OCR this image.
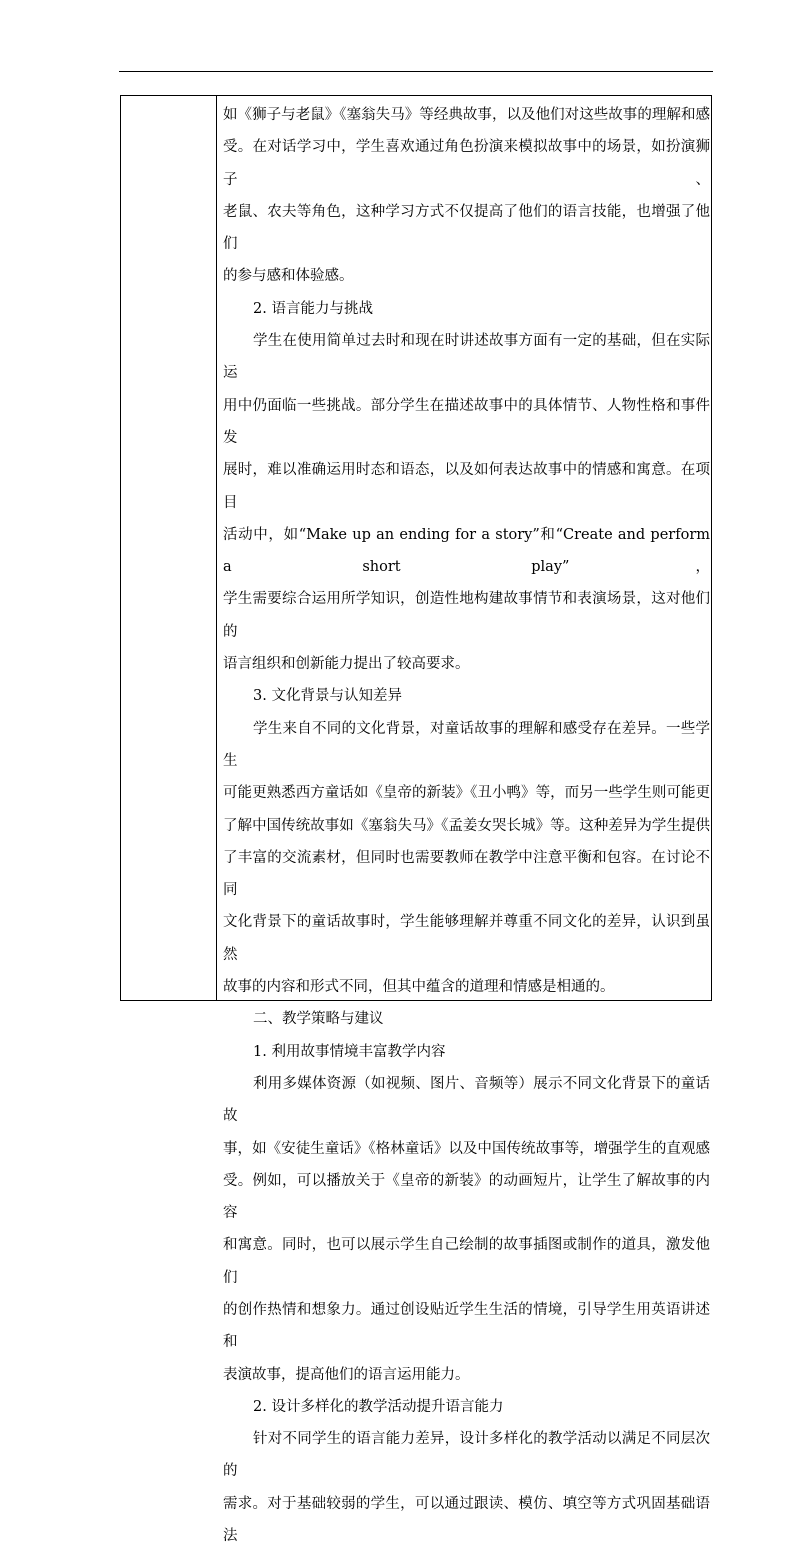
如《狮子与老鼠》《塞翁失马》等经典故事，以及他们对这些故事的理解和感

受。在对话学习中，学生喜欢通过角色扮演来模拟故事中的场景，如扮演狮子、

老鼠、农夫等角色，这种学习方式不仅提高了他们的语言技能，也增强了他们

的参与感和体验感。

2. 语言能力与挑战

学生在使用简单过去时和现在时讲述故事方面有一定的基础，但在实际运

用中仍面临一些挑战。部分学生在描述故事中的具体情节、人物性格和事件发

展时，难以准确运用时态和语态，以及如何表达故事中的情感和寓意。在项目

活动中，如“Make up an ending for a story”和“Create and perform a short play”，

学生需要综合运用所学知识，创造性地构建故事情节和表演场景，这对他们的

语言组织和创新能力提出了较高要求。

3. 文化背景与认知差异

学生来自不同的文化背景，对童话故事的理解和感受存在差异。一些学生

可能更熟悉西方童话如《皇帝的新装》《丑小鸭》等，而另一些学生则可能更

了解中国传统故事如《塞翁失马》《孟姜女哭长城》等。这种差异为学生提供

了丰富的交流素材，但同时也需要教师在教学中注意平衡和包容。在讨论不同

文化背景下的童话故事时，学生能够理解并尊重不同文化的差异，认识到虽然

故事的内容和形式不同，但其中蕴含的道理和情感是相通的。

二、教学策略与建议

1. 利用故事情境丰富教学内容

利用多媒体资源（如视频、图片、音频等）展示不同文化背景下的童话故

事，如《安徒生童话》《格林童话》以及中国传统故事等，增强学生的直观感

受。例如，可以播放关于《皇帝的新装》的动画短片，让学生了解故事的内容

和寓意。同时，也可以展示学生自己绘制的故事插图或制作的道具，激发他们

的创作热情和想象力。通过创设贴近学生生活的情境，引导学生用英语讲述和

表演故事，提高他们的语言运用能力。

2. 设计多样化的教学活动提升语言能力

针对不同学生的语言能力差异，设计多样化的教学活动以满足不同层次的

需求。对于基础较弱的学生，可以通过跟读、模仿、填空等方式巩固基础语法
